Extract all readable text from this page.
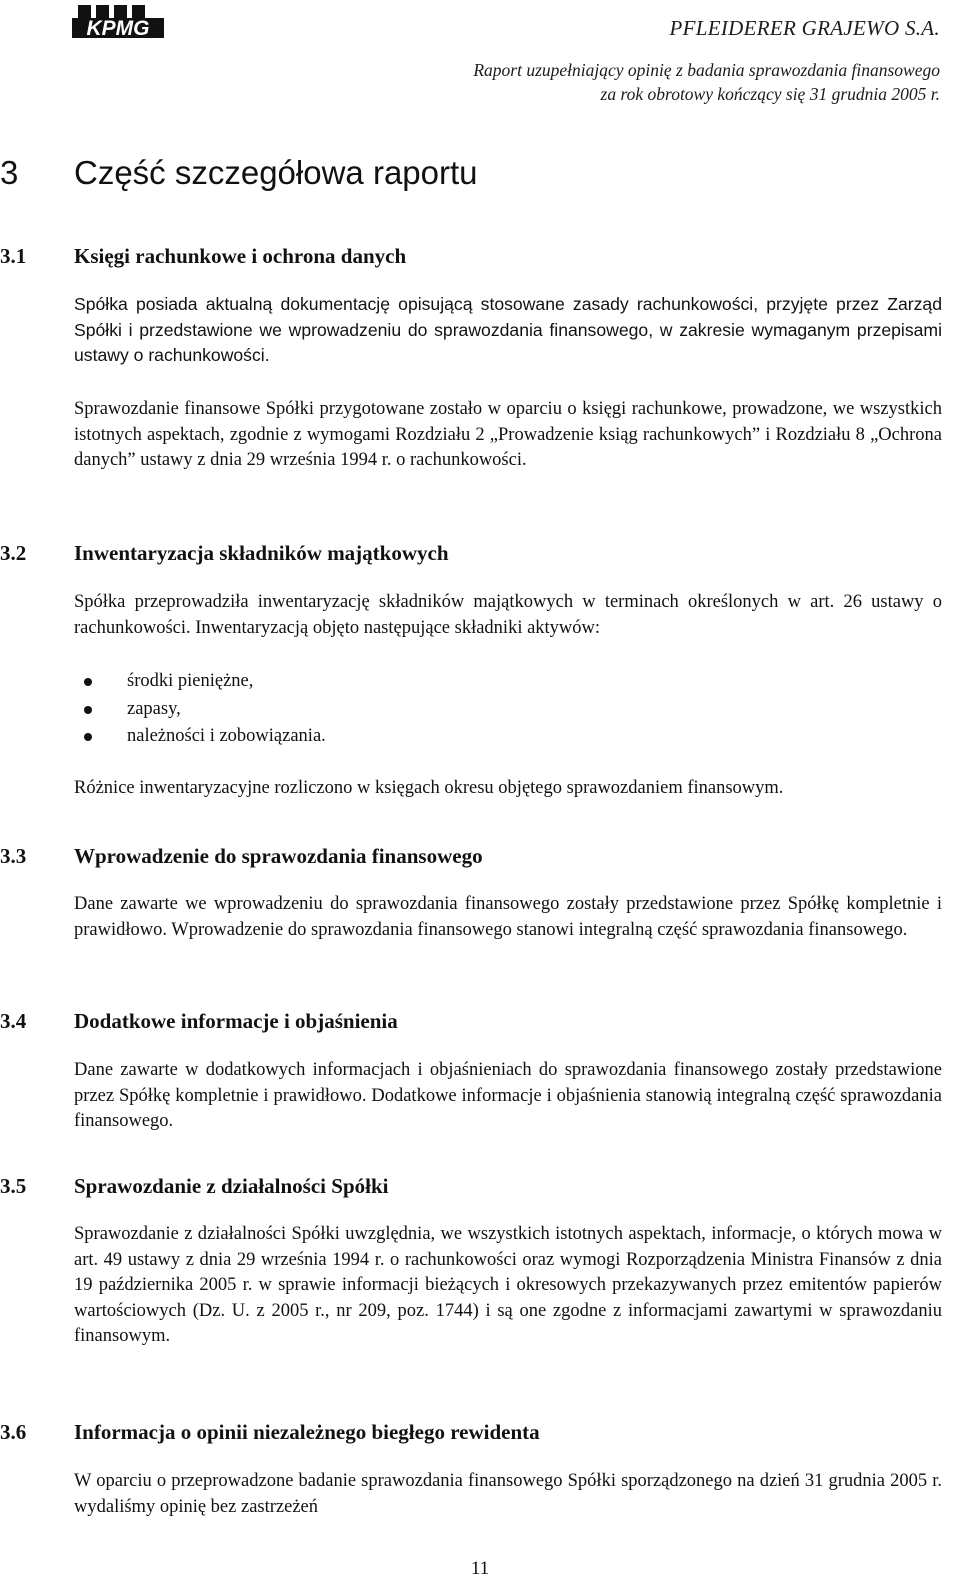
KPMG	PFLEIDERER GRAJEWO S.A.
Raport uzupełniający opinię z badania sprawozdania finansowego
za rok obrotowy kończący się 31 grudnia 2005 r.
3 Część szczegółowa raportu
3.1 Księgi rachunkowe i ochrona danych

Spółka posiada aktualną dokumentację opisującą stosowane zasady rachunkowości, przyjęte przez Zarząd Spółki i przedstawione we wprowadzeniu do sprawozdania finansowego, w zakresie wymaganym przepisami ustawy o rachunkowości.

Sprawozdanie finansowe Spółki przygotowane zostało w oparciu o księgi rachunkowe, prowadzone, we wszystkich istotnych aspektach, zgodnie z wymogami Rozdziału 2 „Prowadzenie ksiąg rachunkowych” i Rozdziału 8 „Ochrona danych” ustawy z dnia 29 września 1994 r. o rachunkowości.

3.2 Inwentaryzacja składników majątkowych

Spółka przeprowadziła inwentaryzację składników majątkowych w terminach określonych w art. 26 ustawy o rachunkowości. Inwentaryzacją objęto następujące składniki aktywów:

środki pieniężne,
zapasy,
należności i zobowiązania.

Różnice inwentaryzacyjne rozliczono w księgach okresu objętego sprawozdaniem finansowym.

3.3 Wprowadzenie do sprawozdania finansowego

Dane zawarte we wprowadzeniu do sprawozdania finansowego zostały przedstawione przez Spółkę kompletnie i prawidłowo. Wprowadzenie do sprawozdania finansowego stanowi integralną część sprawozdania finansowego.

3.4 Dodatkowe informacje i objaśnienia

Dane zawarte w dodatkowych informacjach i objaśnieniach do sprawozdania finansowego zostały przedstawione przez Spółkę kompletnie i prawidłowo. Dodatkowe informacje i objaśnienia stanowią integralną część sprawozdania finansowego.

3.5 Sprawozdanie z działalności Spółki

Sprawozdanie z działalności Spółki uwzględnia, we wszystkich istotnych aspektach, informacje, o których mowa w art. 49 ustawy z dnia 29 września 1994 r. o rachunkowości oraz wymogi Rozporządzenia Ministra Finansów z dnia 19 października 2005 r. w sprawie informacji bieżących i okresowych przekazywanych przez emitentów papierów wartościowych (Dz. U. z 2005 r., nr 209, poz. 1744) i są one zgodne z informacjami zawartymi w sprawozdaniu finansowym.

3.6 Informacja o opinii niezależnego biegłego rewidenta

W oparciu o przeprowadzone badanie sprawozdania finansowego Spółki sporządzonego na dzień 31 grudnia 2005 r. wydaliśmy opinię bez zastrzeżeń

11
